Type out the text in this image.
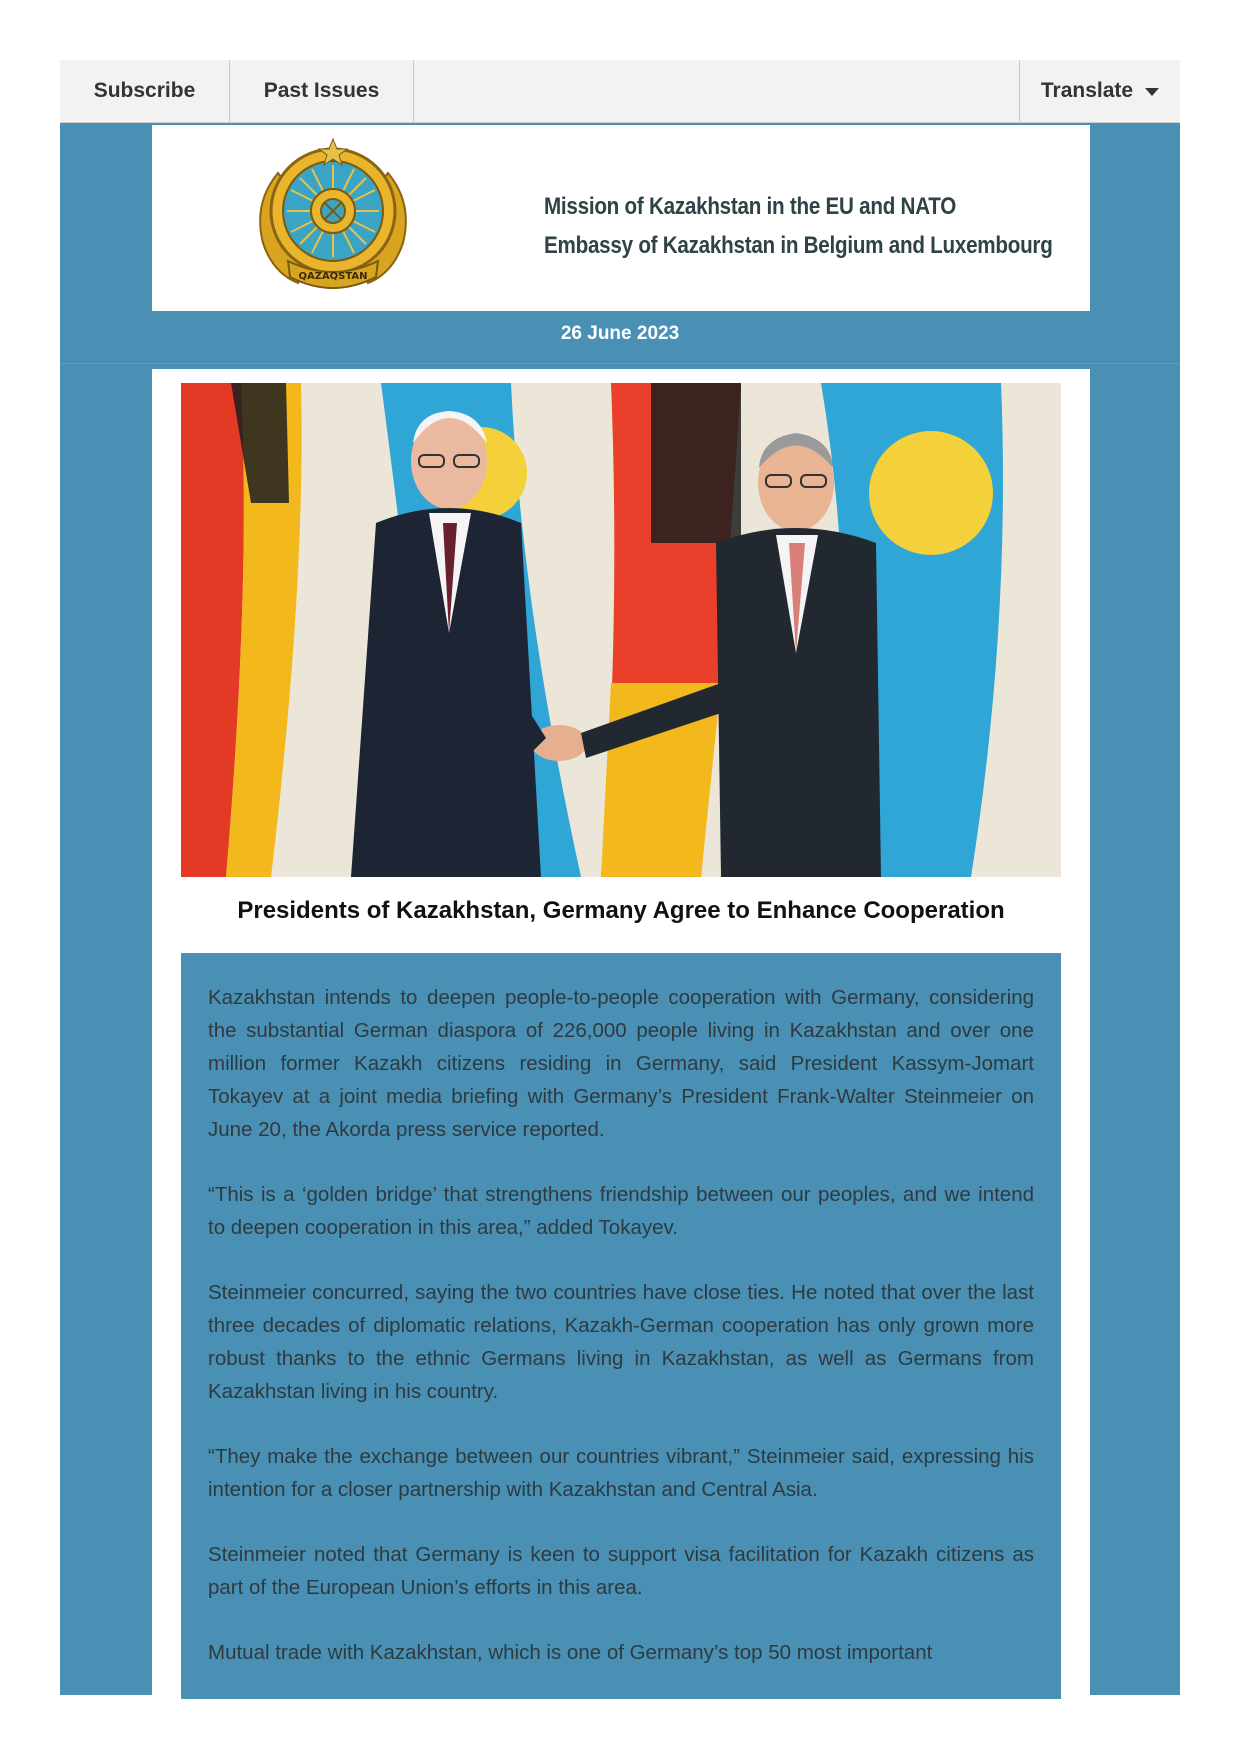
Subscribe	Past Issues	Translate
QAZAQSTAN
Mission of Kazakhstan in the EU and NATO
Embassy of Kazakhstan in Belgium and Luxembourg
26 June 2023
Presidents of Kazakhstan, Germany Agree to Enhance Cooperation

Kazakhstan intends to deepen people-to-people cooperation with Germany, considering the substantial German diaspora of 226,000 people living in Kazakhstan and over one million former Kazakh citizens residing in Germany, said President Kassym-Jomart Tokayev at a joint media briefing with Germany’s President Frank-Walter Steinmeier on June 20, the Akorda press service reported.

“This is a ‘golden bridge’ that strengthens friendship between our peoples, and we intend to deepen cooperation in this area,” added Tokayev.

Steinmeier concurred, saying the two countries have close ties. He noted that over the last three decades of diplomatic relations, Kazakh-German cooperation has only grown more robust thanks to the ethnic Germans living in Kazakhstan, as well as Germans from Kazakhstan living in his country.

“They make the exchange between our countries vibrant,” Steinmeier said, expressing his intention for a closer partnership with Kazakhstan and Central Asia.

Steinmeier noted that Germany is keen to support visa facilitation for Kazakh citizens as part of the European Union’s efforts in this area.

Mutual trade with Kazakhstan, which is one of Germany’s top 50 most important
